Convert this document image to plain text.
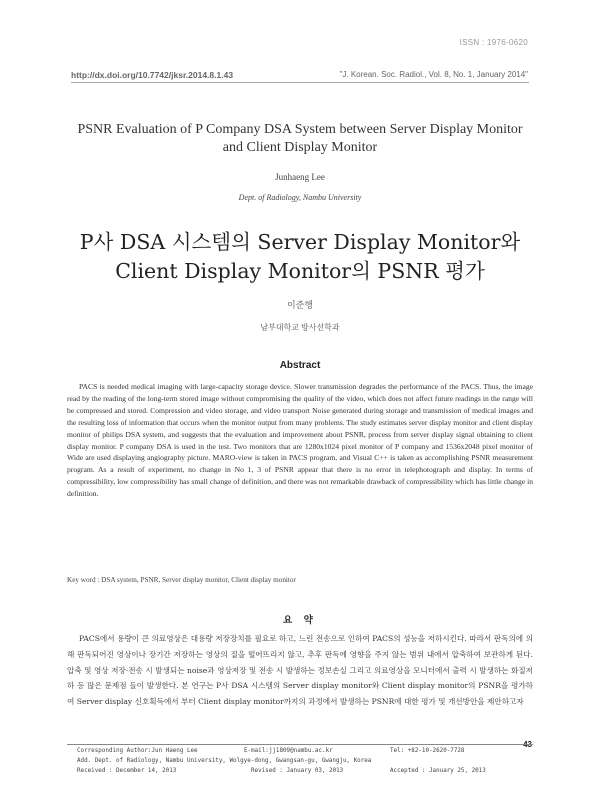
ISSN : 1976-0620
http://dx.doi.org/10.7742/jksr.2014.8.1.43	"J. Korean. Soc. Radiol., Vol. 8, No. 1, January 2014"
PSNR Evaluation of P Company DSA System between Server Display Monitor and Client Display Monitor
Junhaeng Lee
Dept. of Radiology, Nambu University
P사 DSA 시스템의 Server Display Monitor와
Client Display Monitor의 PSNR 평가
이준행
남부대학교 방사선학과
Abstract
PACS is needed medical imaging with large-capacity storage device. Slower transmission degrades the performance of the PACS. Thus, the image read by the reading of the long-term stored image without compromising the quality of the video, which does not affect future readings in the range will be compressed and stored. Compression and video storage, and video transport Noise generated during storage and transmission of medical images and the resulting loss of information that occurs when the monitor output from many problems. The study estimates server display monitor and client display monitor of philips DSA system, and suggests that the evaluation and improvement about PSNR, process from server display signal obtaining to client display monitor. P company DSA is used in the test. Two monitors that are 1280x1024 pixel monitor of P company and 1536x2048 pixel monitor of Wide are used displaying angiography picture. MARO-view is taken in PACS program, and Visual C++ is taken as accomplishing PSNR measurement program. As a result of experiment, no change in No 1, 3 of PSNR appear that there is no error in telephotograph and display. In terms of compressibility, low compressibility has small change of definition, and there was not remarkable drawback of compressibility which has little change in definition.
Key word : DSA system, PSNR, Server display monitor, Client display monitor
요 약
PACS에서 용량이 큰 의료영상은 대용량 저장장치를 필요로 하고, 느린 전송으로 인하여 PACS의 성능을 저하시킨다. 따라서 판독의에 의해 판독되어진 영상이나 장기간 저장하는 영상의 질을 떨어뜨리지 않고, 추후 판독에 영향을 주지 않는 범위 내에서 압축하여 보관하게 된다. 압축 및 영상 저장·전송 시 발생되는 noise과 영상저장 및 전송 시 발생하는 정보손실 그리고 의료영상을 모니터에서 출력 시 발생하는 화질저하 등 많은 문제점 들이 발생한다. 본 연구는 P사 DSA 시스템의 Server display monitor와 Client display monitor의 PSNR을 평가하여 Server display 신호획득에서 부터 Client display monitor까지의 과정에서 발생하는 PSNR에 대한 평가 및 개선방안을 제안하고자
43
Corresponding Author:Jun Haeng Lee	E-mail:jj1809@nambu.ac.kr	Tel: +82-10-2620-7728
Add. Dept. of Radiology, Nambu University, Wolgye-dong, Gwangsan-gu, Gwangju, Korea
Received : December 14, 2013	Revised : January 03, 2013	Accepted : January 25, 2013
